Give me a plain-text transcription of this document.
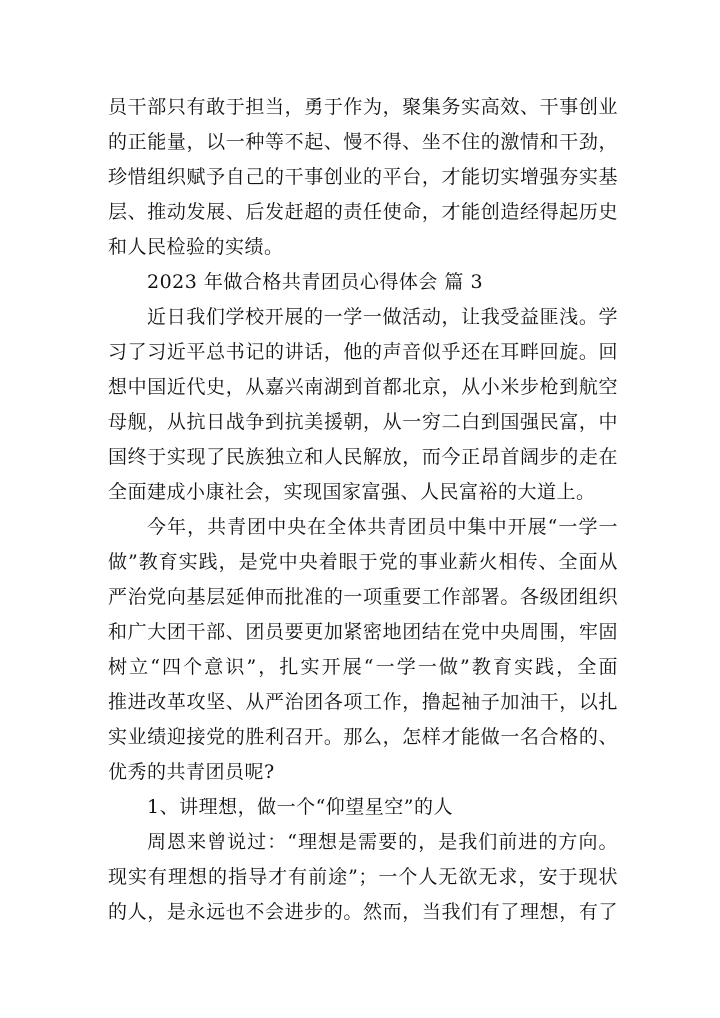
员干部只有敢于担当，勇于作为，聚集务实高效、干事创业
的正能量，以一种等不起、慢不得、坐不住的激情和干劲，
珍惜组织赋予自己的干事创业的平台，才能切实增强夯实基
层、推动发展、后发赶超的责任使命，才能创造经得起历史
和人民检验的实绩。
2023 年做合格共青团员心得体会 篇 3
近日我们学校开展的一学一做活动，让我受益匪浅。学
习了习近平总书记的讲话，他的声音似乎还在耳畔回旋。回
想中国近代史，从嘉兴南湖到首都北京，从小米步枪到航空
母舰，从抗日战争到抗美援朝，从一穷二白到国强民富，中
国终于实现了民族独立和人民解放，而今正昂首阔步的走在
全面建成小康社会，实现国家富强、人民富裕的大道上。
今年，共青团中央在全体共青团员中集中开展“一学一
做”教育实践，是党中央着眼于党的事业薪火相传、全面从
严治党向基层延伸而批准的一项重要工作部署。各级团组织
和广大团干部、团员要更加紧密地团结在党中央周围，牢固
树立“四个意识”，扎实开展“一学一做”教育实践，全面
推进改革攻坚、从严治团各项工作，撸起袖子加油干，以扎
实业绩迎接党的胜利召开。那么，怎样才能做一名合格的、
优秀的共青团员呢?
1、讲理想，做一个“仰望星空”的人
周恩来曾说过：“理想是需要的，是我们前进的方向。
现实有理想的指导才有前途”；一个人无欲无求，安于现状
的人，是永远也不会进步的。然而，当我们有了理想，有了
